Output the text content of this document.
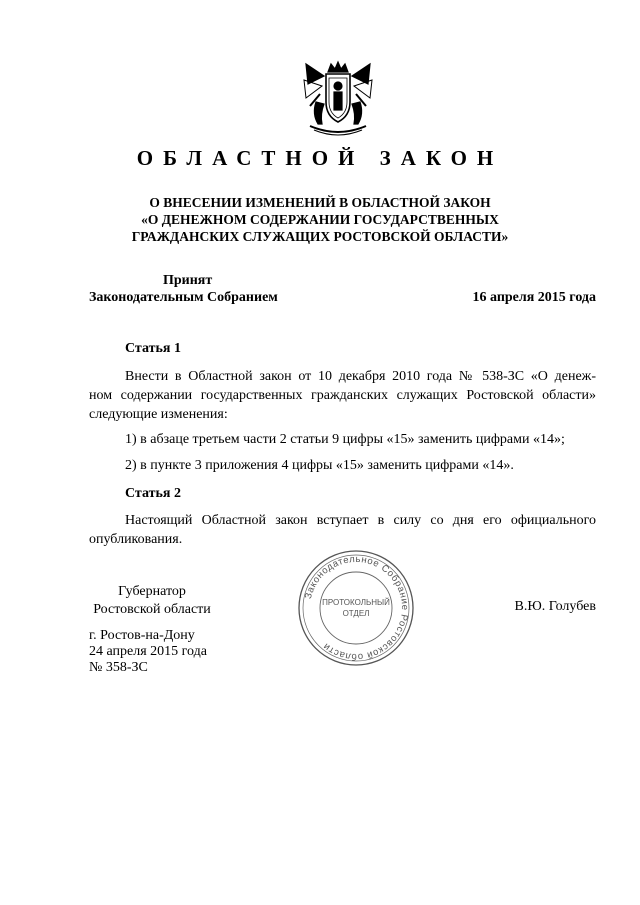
ОБЛАСТНОЙ ЗАКОН
О ВНЕСЕНИИ ИЗМЕНЕНИЙ В ОБЛАСТНОЙ ЗАКОН
«О ДЕНЕЖНОМ СОДЕРЖАНИИ ГОСУДАРСТВЕННЫХ
ГРАЖДАНСКИХ СЛУЖАЩИХ РОСТОВСКОЙ ОБЛАСТИ»
Принят
Законодательным Собранием	16 апреля 2015 года
Статья 1
Внести в Областной закон от 10 декабря 2010 года № 538-ЗС «О денеж-
ном содержании государственных гражданских служащих Ростовской области»
следующие изменения:
1) в абзаце третьем части 2 статьи 9 цифры «15» заменить цифрами «14»;
2) в пункте 3 приложения 4 цифры «15» заменить цифрами «14».
Статья 2
Настоящий Областной закон вступает в силу со дня его официального
опубликования.
Губернатор
Ростовской области	В.Ю. Голубев
г. Ростов-на-Дону
24 апреля 2015 года
№ 358-ЗС
Законодательное Собрание Ростовской области
ПРОТОКОЛЬНЫЙ
ОТДЕЛ
